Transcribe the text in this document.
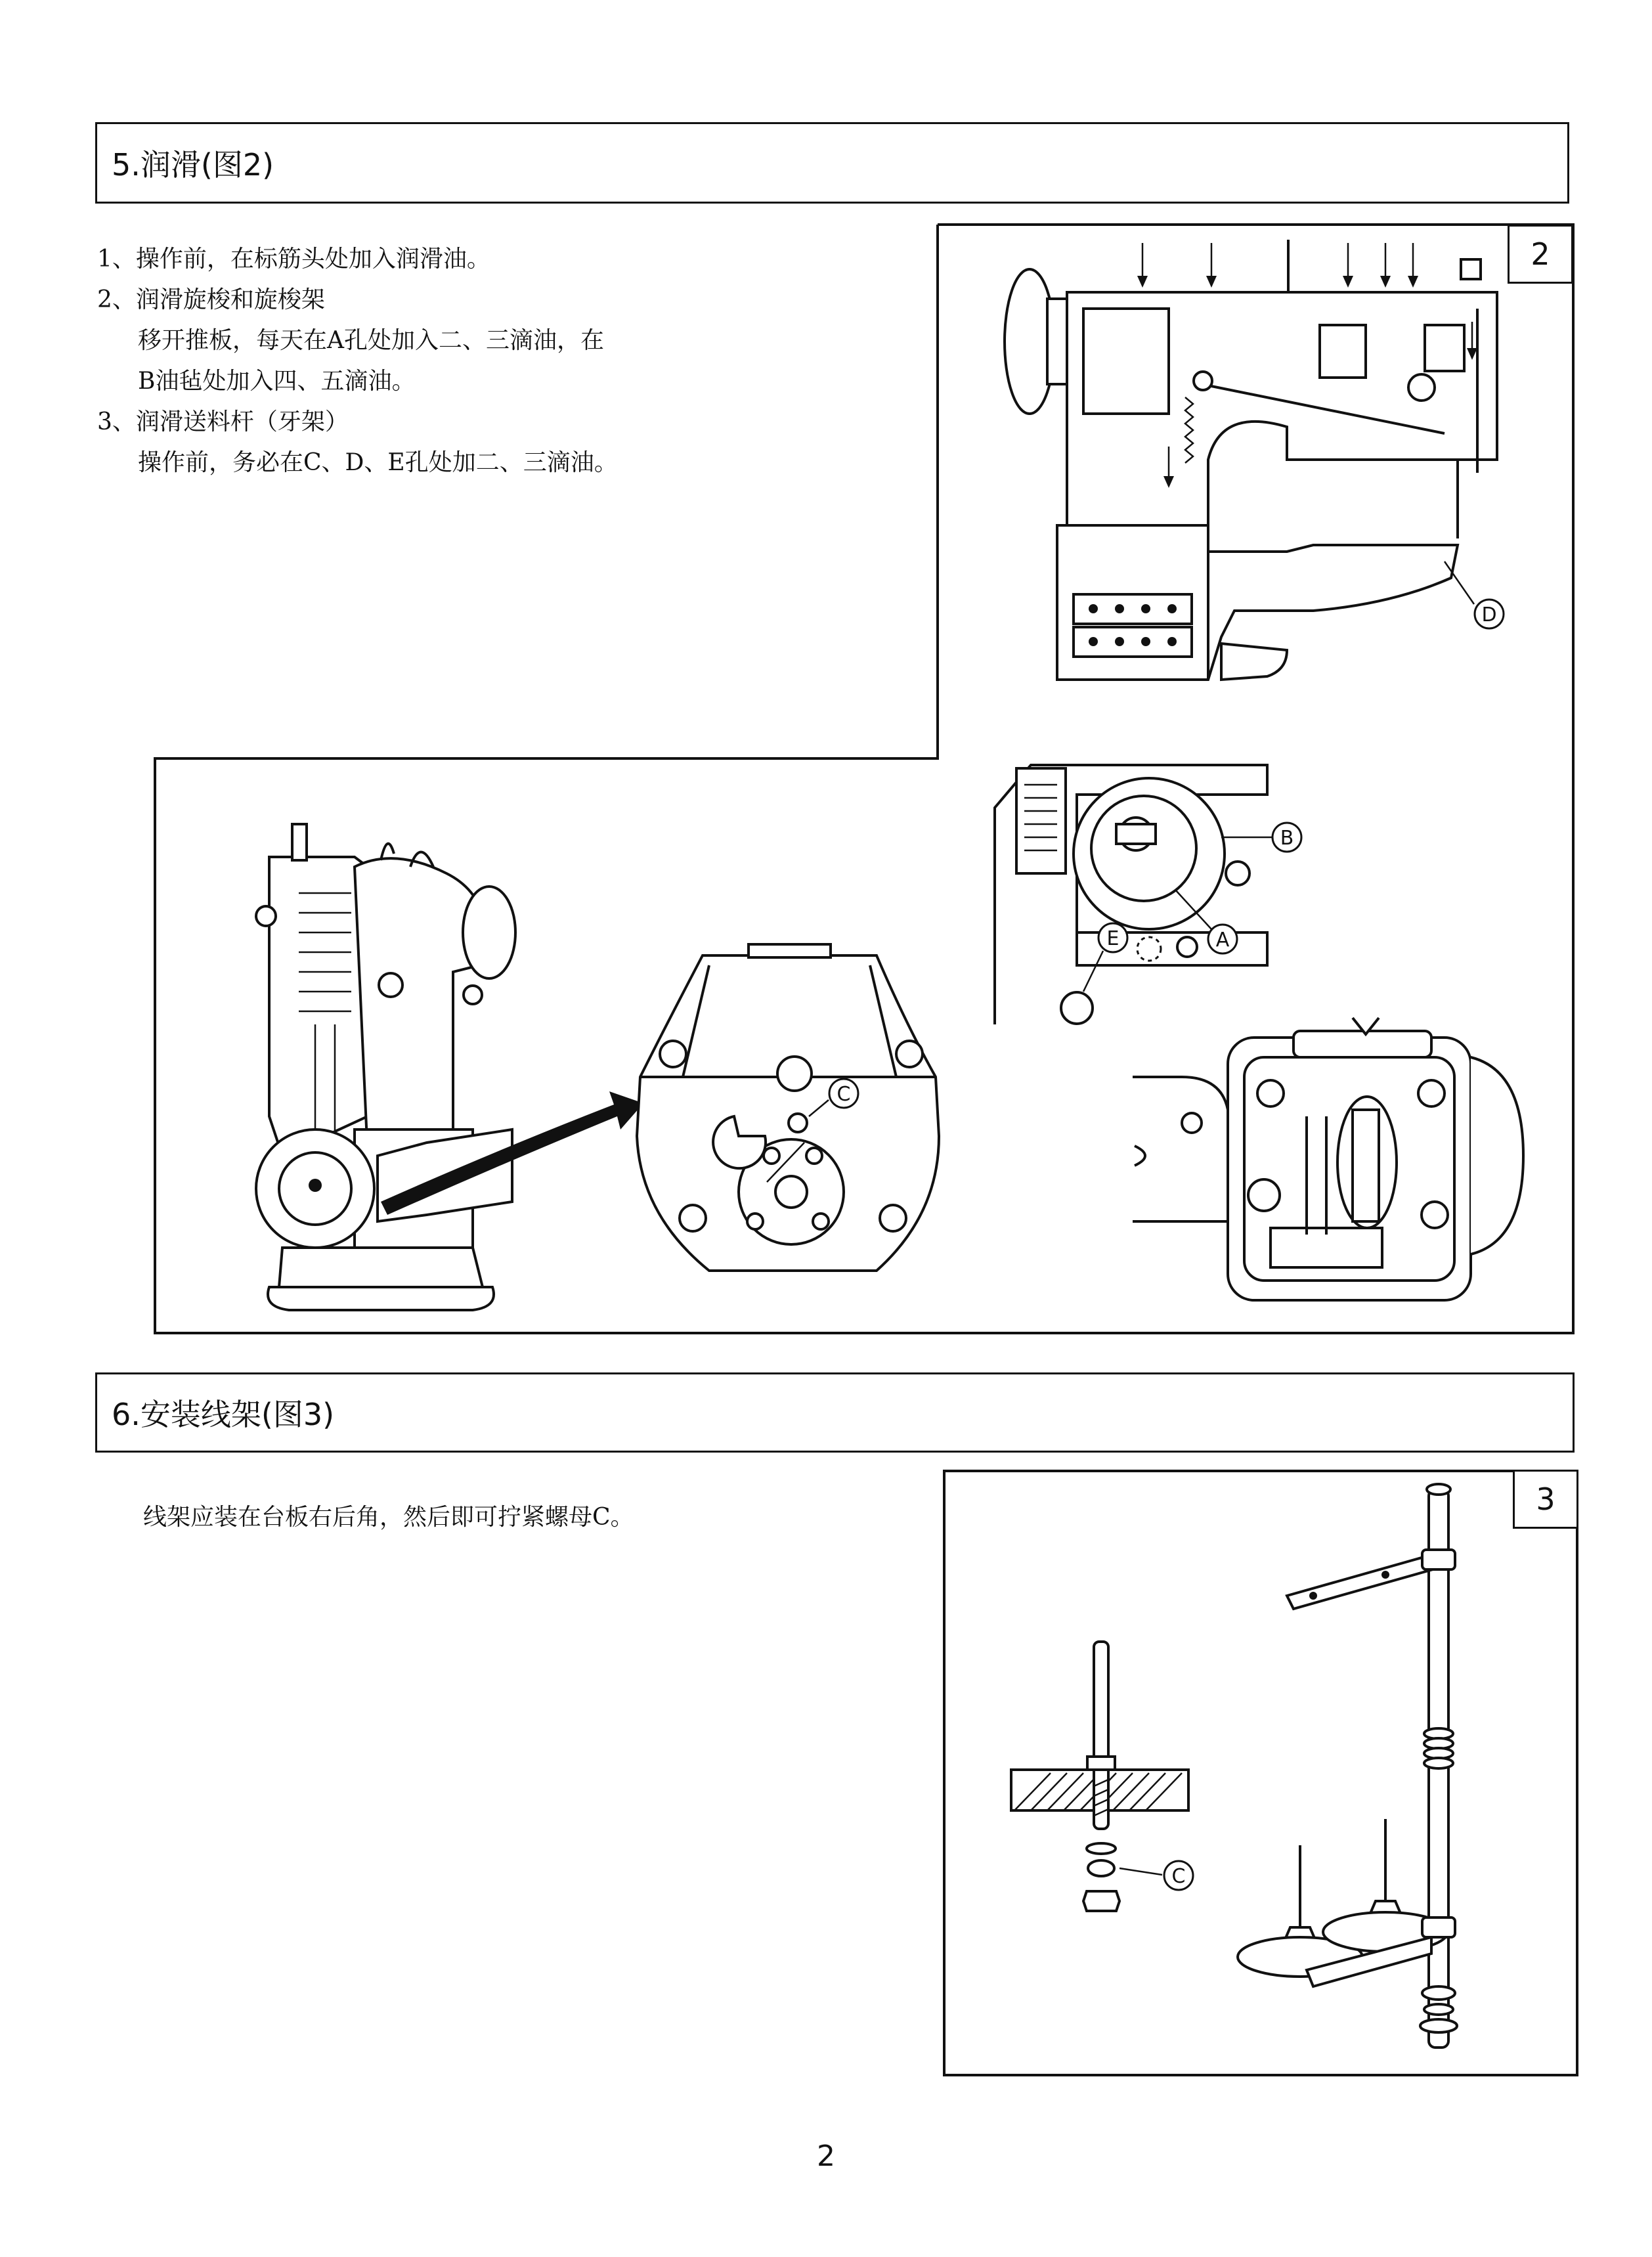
5.润滑(图2)

1、操作前，在标筋头处加入润滑油。

2、润滑旋梭和旋梭架

移开推板，每天在A孔处加入二、三滴油，在

B油毡处加入四、五滴油。

3、润滑送料杆（牙架）

操作前，务必在C、D、E孔处加二、三滴油。

2
D
B
A
E
C
6.安装线架(图3)

线架应装在台板右后角，然后即可拧紧螺母C。

3
C
2
